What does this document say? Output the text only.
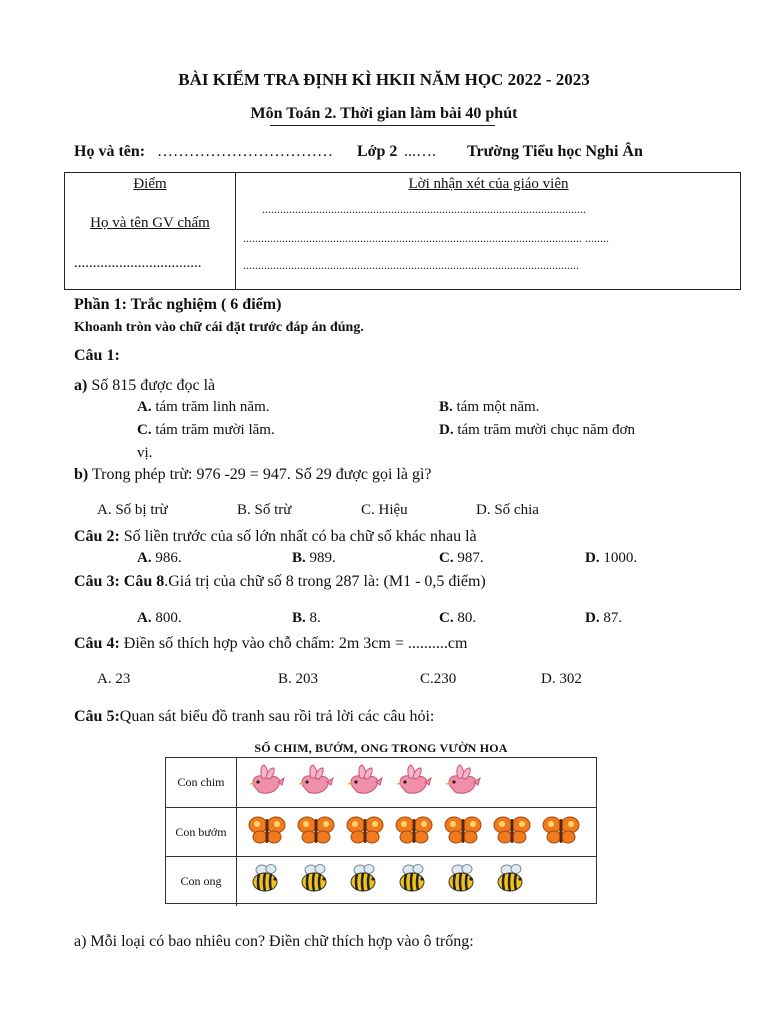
BÀI KIỂM TRA ĐỊNH KÌ HKII NĂM HỌC 2022 - 2023
Môn Toán 2. Thời gian làm bài 40 phút
Họ và tên: …………………………… Lớp 2 ...…. Trường Tiểu học Nghi Ân
Điểm
Họ và tên GV chấm
..................................

Lời nhận xét của giáo viên
............................................................................................................
................................................................................................................. ........
................................................................................................................
Phần 1: Trắc nghiệm ( 6 điểm)
Khoanh tròn vào chữ cái đặt trước đáp án đúng.
Câu 1:
a) Số 815 được đọc là
A. tám trăm linh năm.	B. tám một năm.
C. tám trăm mười lăm.	D. tám trăm mười chục năm đơn
vị.
b) Trong phép trừ: 976 -29 = 947. Số 29 được gọi là gì?
A. Số bị trừ	B. Số trừ	C. Hiệu	D. Số chia
Câu 2: Số liền trước của số lớn nhất có ba chữ số khác nhau là
A. 986.	B. 989.	C. 987.	D. 1000.
Câu 3: Câu 8.Giá trị của chữ số 8 trong 287 là: (M1 - 0,5 điểm)
A. 800.	B. 8.	C. 80.	D. 87.
Câu 4: Điền số thích hợp vào chỗ chấm: 2m 3cm = ..........cm
A. 23	B. 203	C.230	D. 302
Câu 5:Quan sát biểu đồ tranh sau rồi trả lời các câu hỏi:
SỐ CHIM, BƯỚM, ONG TRONG VƯỜN HOA
Con chim
Con bướm
Con ong
a) Mỗi loại có bao nhiêu con? Điền chữ thích hợp vào ô trống:
